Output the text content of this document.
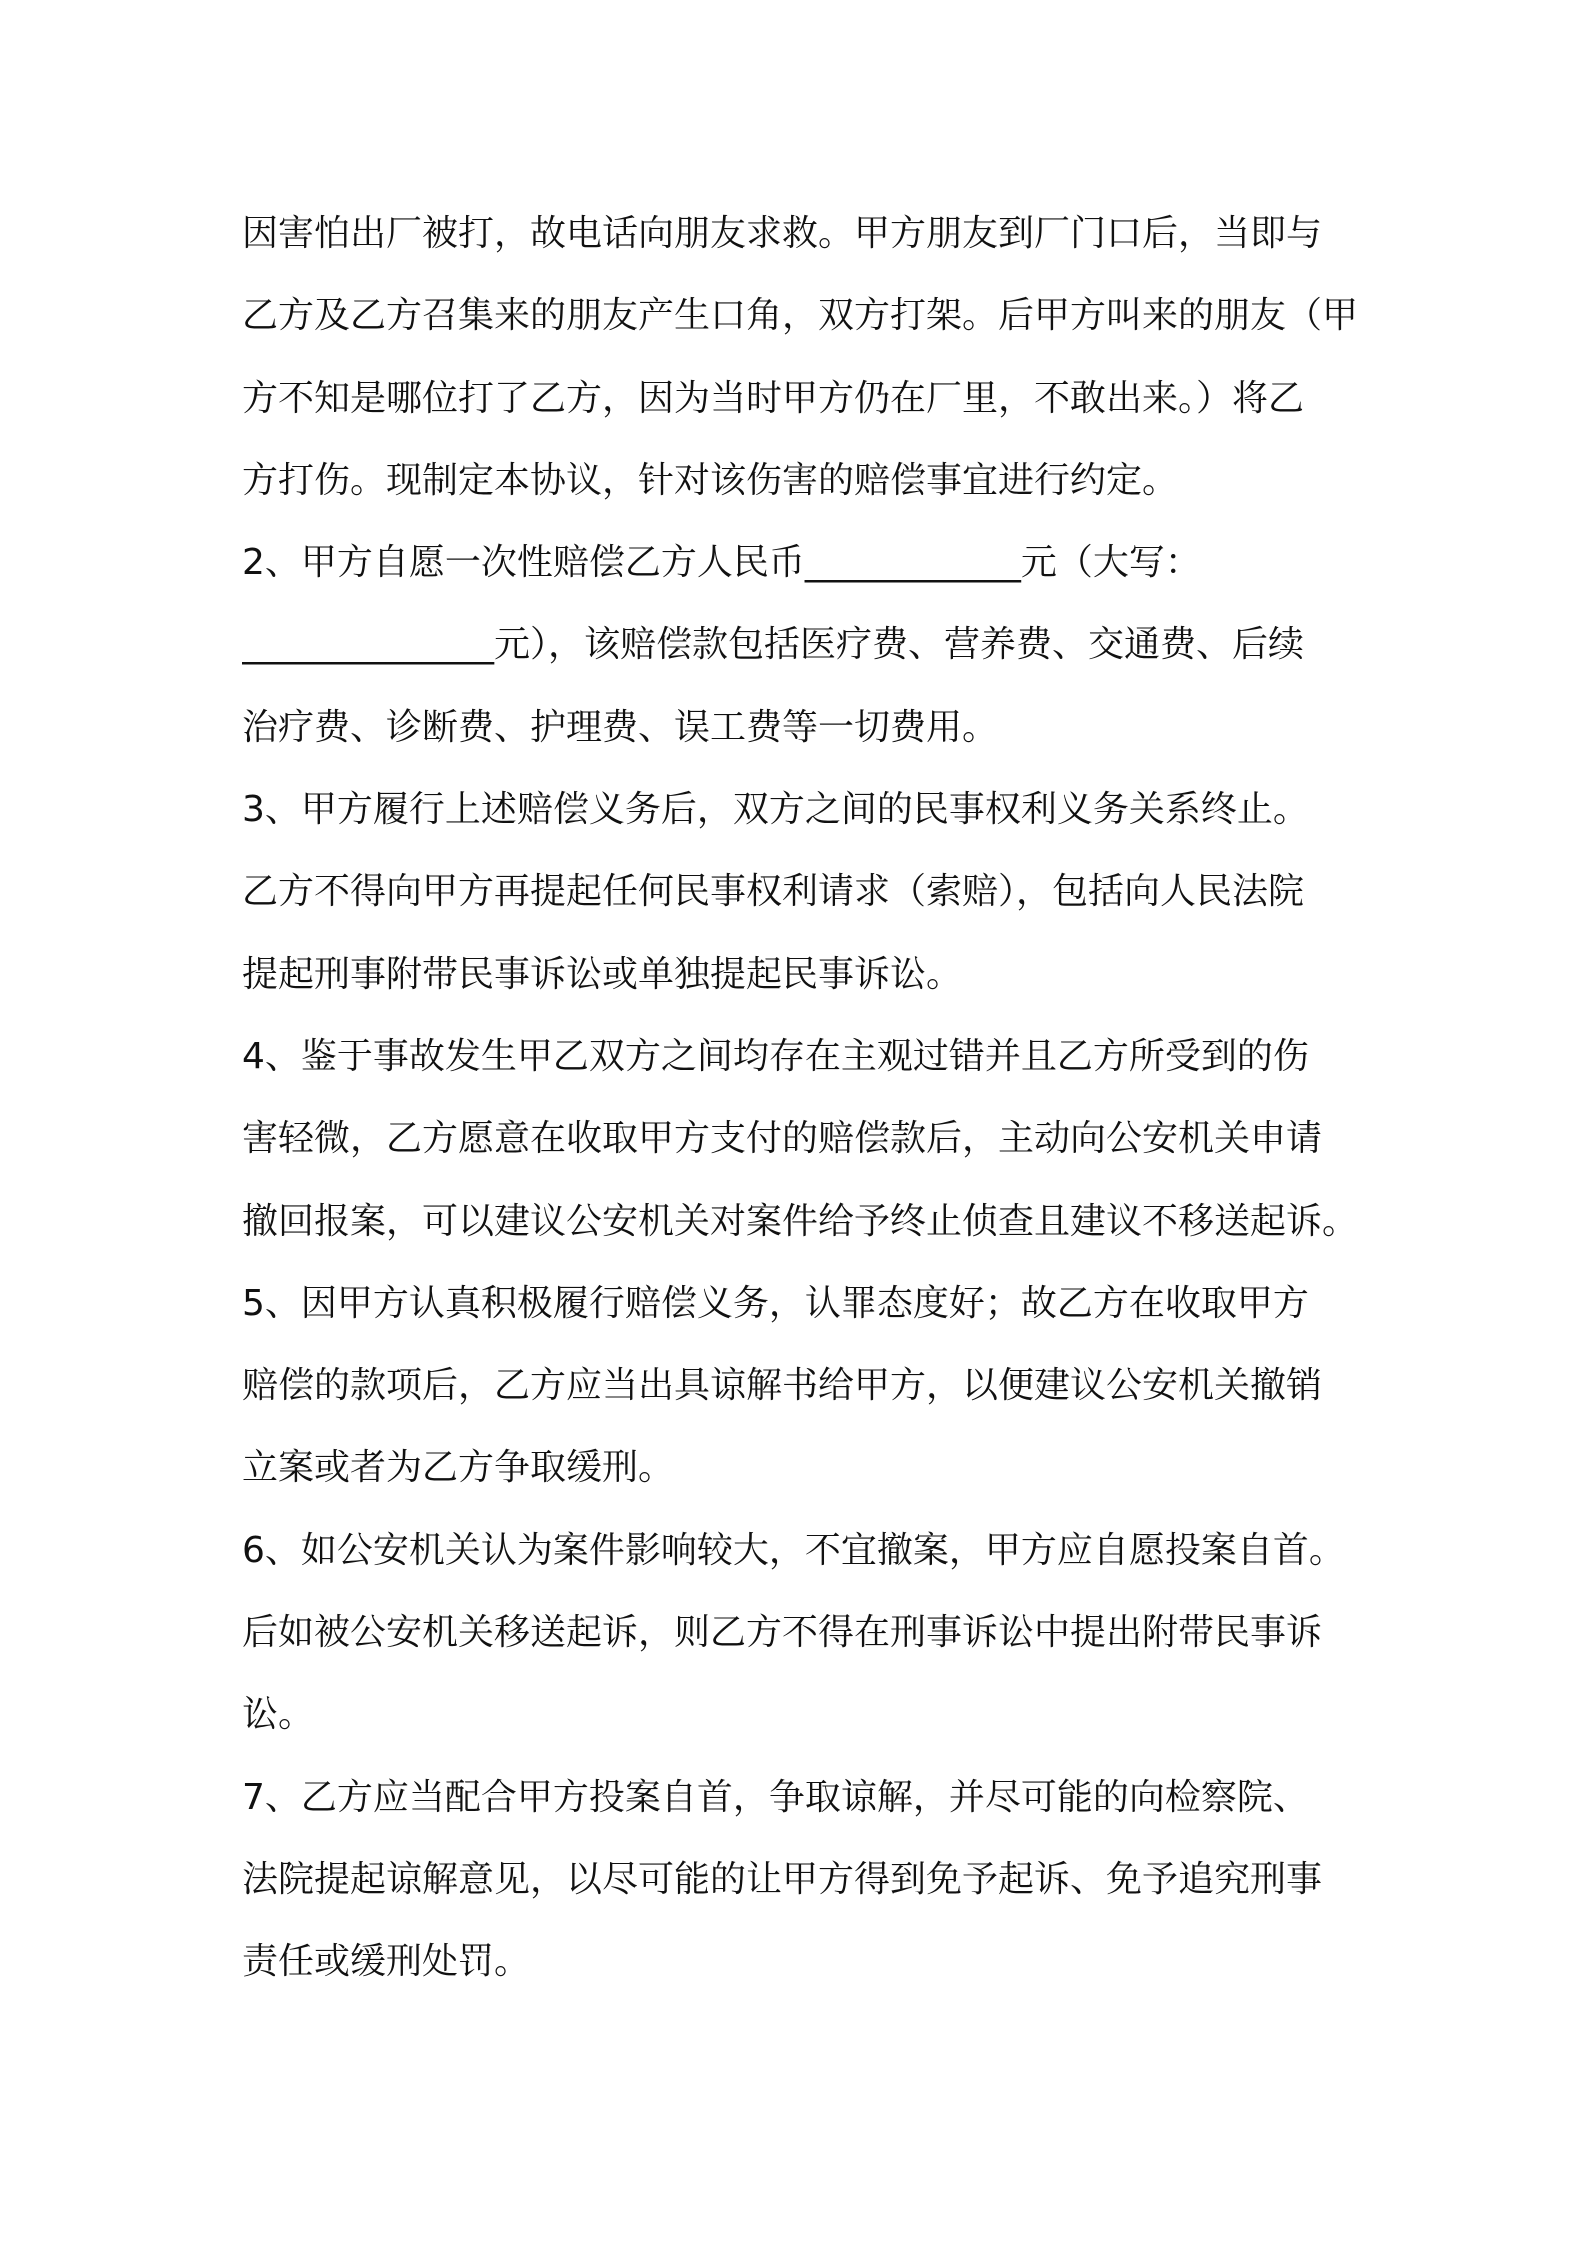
因害怕出厂被打，故电话向朋友求救。甲方朋友到厂门口后，当即与
乙方及乙方召集来的朋友产生口角，双方打架。后甲方叫来的朋友（甲
方不知是哪位打了乙方，因为当时甲方仍在厂里，不敢出来。）将乙
方打伤。现制定本协议，针对该伤害的赔偿事宜进行约定。
2、甲方自愿一次性赔偿乙方人民币____________元（大写：
______________元），该赔偿款包括医疗费、营养费、交通费、后续
治疗费、诊断费、护理费、误工费等一切费用。
3、甲方履行上述赔偿义务后，双方之间的民事权利义务关系终止。
乙方不得向甲方再提起任何民事权利请求（索赔），包括向人民法院
提起刑事附带民事诉讼或单独提起民事诉讼。
4、鉴于事故发生甲乙双方之间均存在主观过错并且乙方所受到的伤
害轻微，乙方愿意在收取甲方支付的赔偿款后，主动向公安机关申请
撤回报案，可以建议公安机关对案件给予终止侦查且建议不移送起诉。
5、因甲方认真积极履行赔偿义务，认罪态度好；故乙方在收取甲方
赔偿的款项后，乙方应当出具谅解书给甲方，以便建议公安机关撤销
立案或者为乙方争取缓刑。
6、如公安机关认为案件影响较大，不宜撤案，甲方应自愿投案自首。
后如被公安机关移送起诉，则乙方不得在刑事诉讼中提出附带民事诉
讼。
7、乙方应当配合甲方投案自首，争取谅解，并尽可能的向检察院、
法院提起谅解意见，以尽可能的让甲方得到免予起诉、免予追究刑事
责任或缓刑处罚。
